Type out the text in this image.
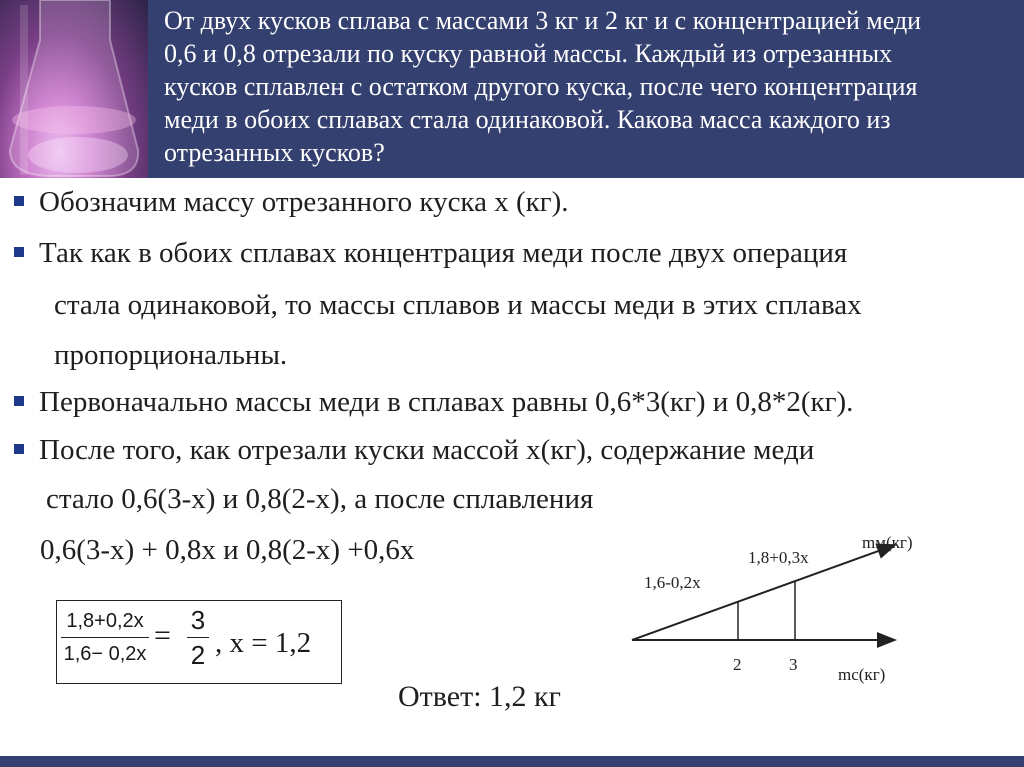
От двух кусков сплава с массами 3 кг и 2 кг и с концентрацией меди
0,6 и 0,8 отрезали по куску равной массы. Каждый из отрезанных
кусков сплавлен с остатком другого куска, после чего концентрация
меди в обоих сплавах стала одинаковой. Какова масса каждого из
отрезанных кусков?
Обозначим массу отрезанного куска x (кг).
Так как в обоих сплавах концентрация меди после двух операция
стала одинаковой, то массы сплавов и массы меди в этих сплавах
пропорциональны.
Первоначально массы меди в сплавах равны 0,6*3(кг) и 0,8*2(кг).
После того, как отрезали куски массой x(кг), содержание меди
стало 0,6(3-x) и 0,8(2-x), а после сплавления
0,6(3-x) + 0,8x и 0,8(2-x) +0,6x
$\frac{1,8+0,2x}{1,6- 0,2x} = \frac{3}{2}$ , x = 1,2
Ответ: 1,2 кг
mм(кг)
mс(кг)
1,6-0,2x
1,8+0,3x
2	3
